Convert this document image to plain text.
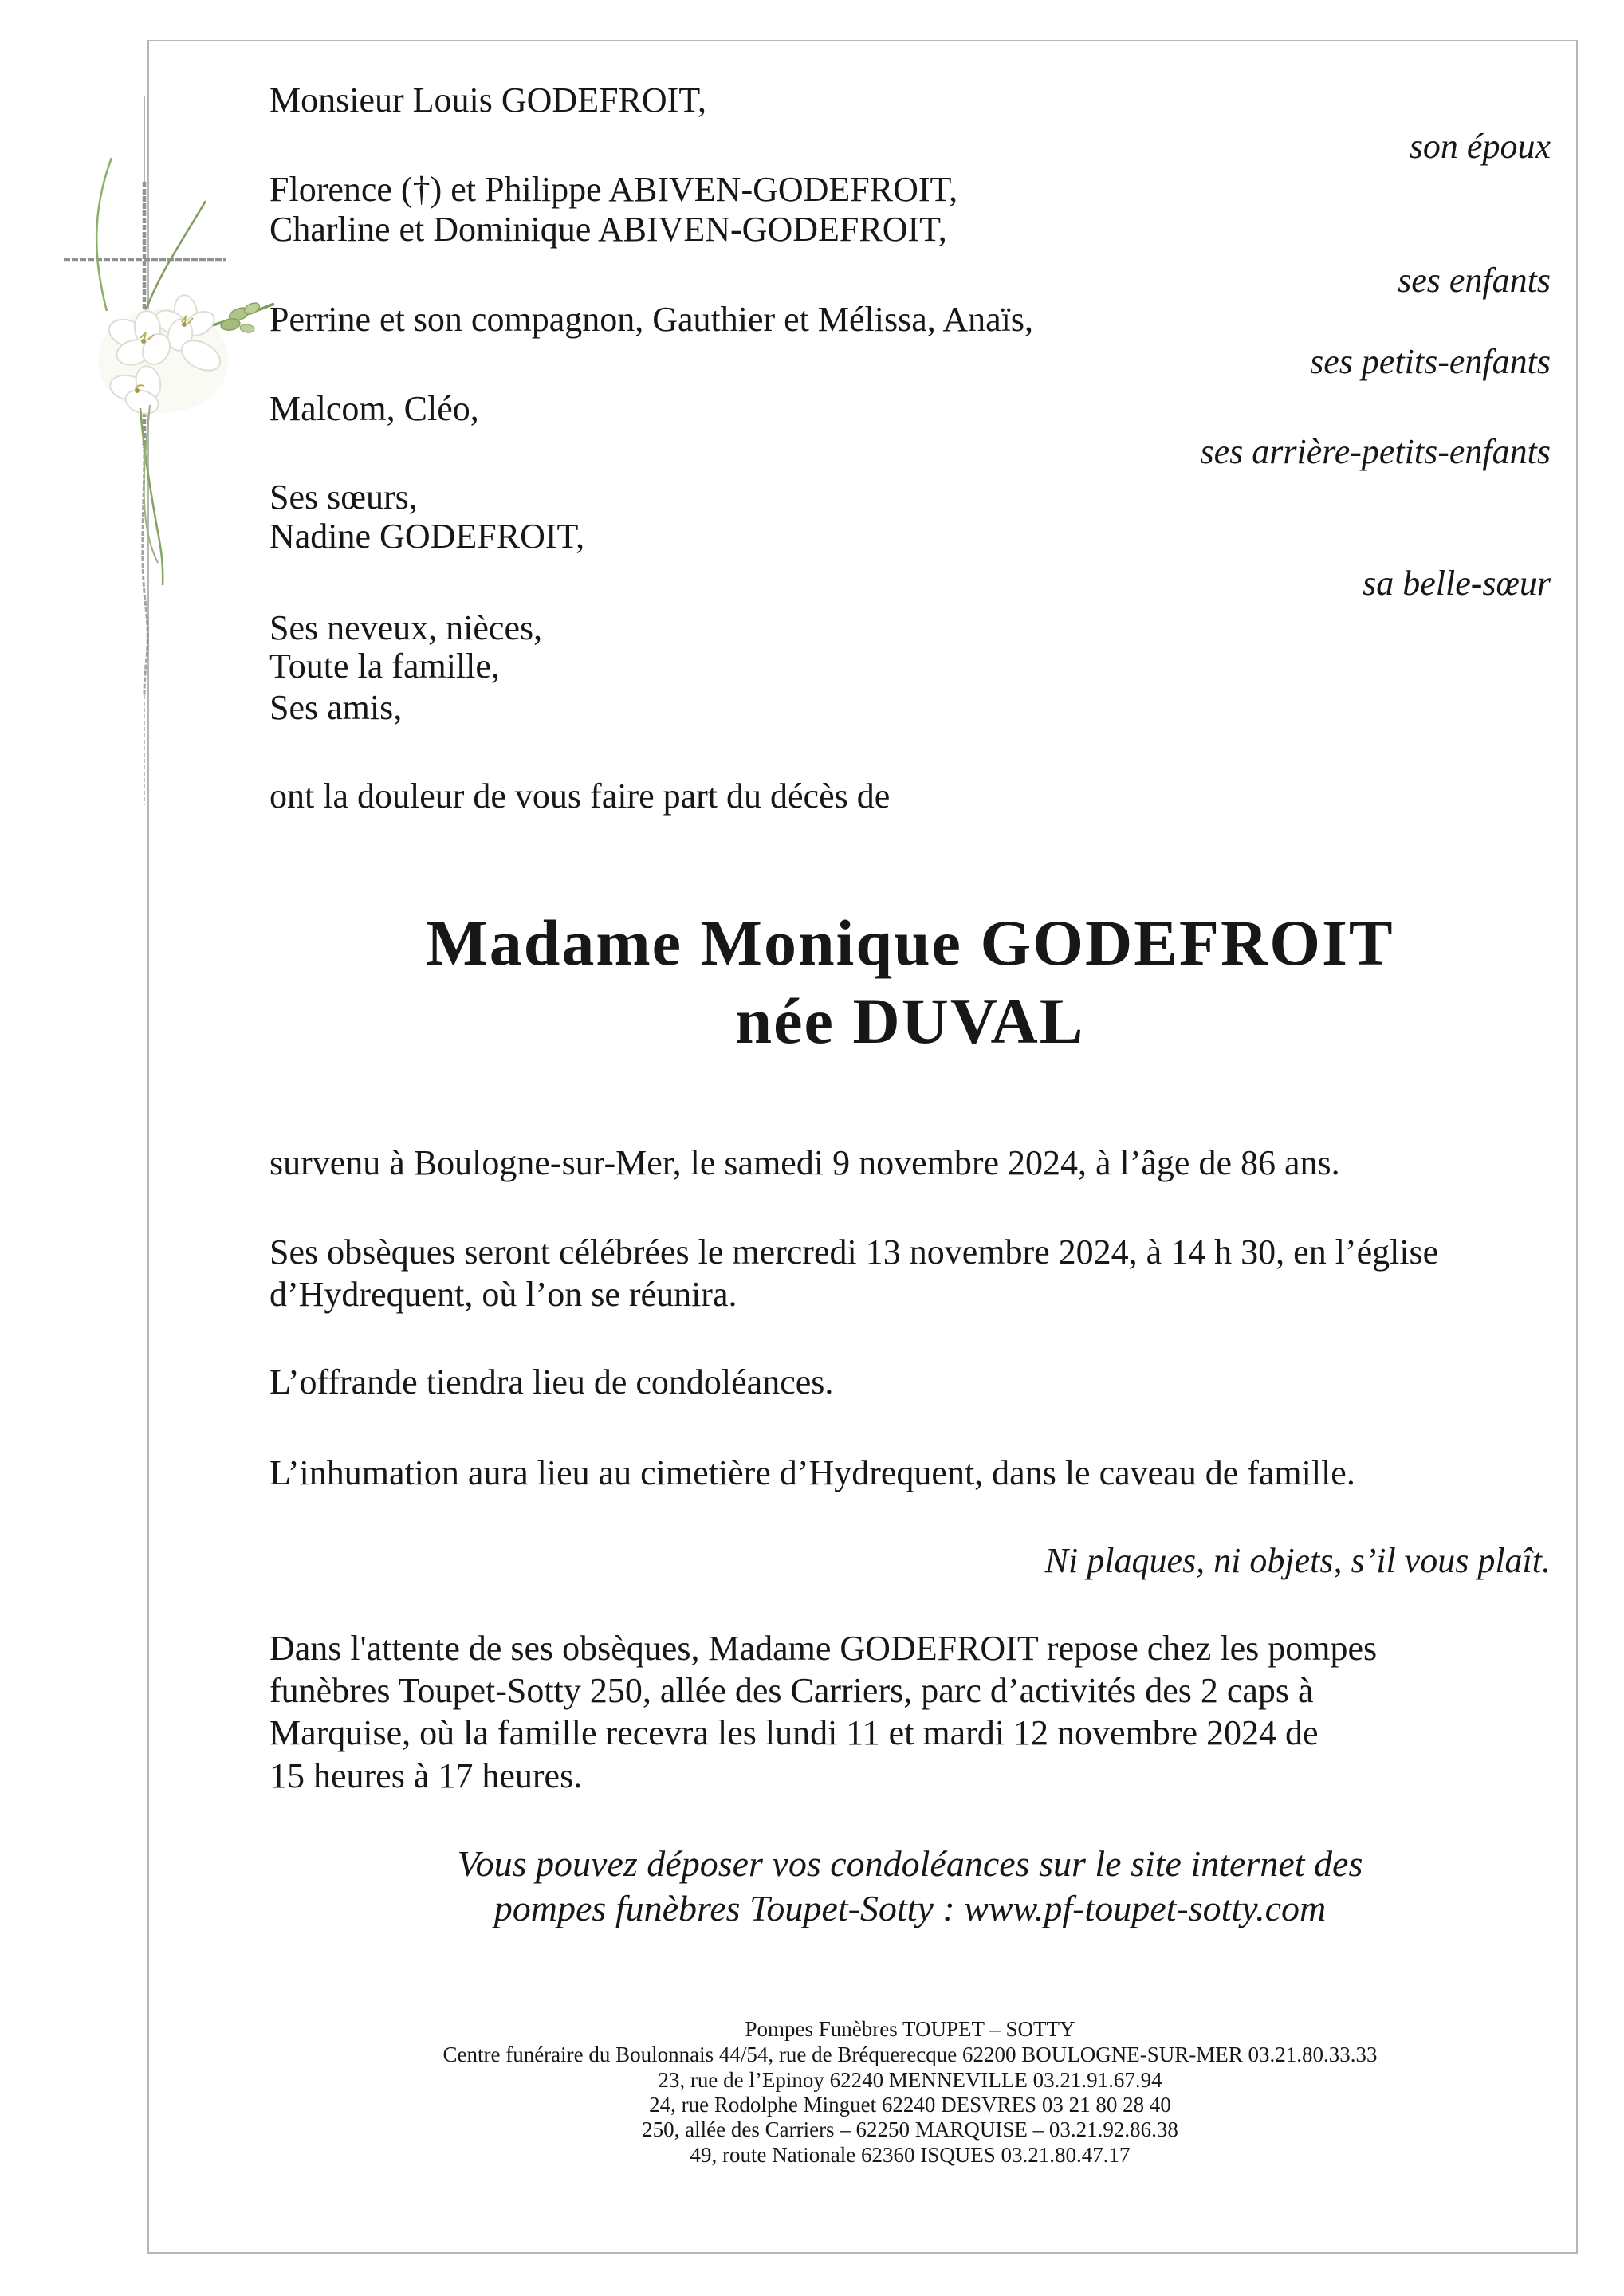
Monsieur Louis GODEFROIT,
son époux
Florence (†) et Philippe ABIVEN-GODEFROIT,
Charline et Dominique ABIVEN-GODEFROIT,
ses enfants
Perrine et son compagnon, Gauthier et Mélissa, Anaïs,
ses petits-enfants
Malcom, Cléo,
ses arrière-petits-enfants
Ses sœurs,
Nadine GODEFROIT,
sa belle-sœur
Ses neveux, nièces,
Toute la famille,
Ses amis,
ont la douleur de vous faire part du décès de
Madame Monique GODEFROIT
née DUVAL
survenu à Boulogne-sur-Mer, le samedi 9 novembre 2024, à l’âge de 86 ans.
Ses obsèques seront célébrées le mercredi 13 novembre 2024, à 14 h 30, en l’église
d’Hydrequent, où l’on se réunira.
L’offrande tiendra lieu de condoléances.
L’inhumation aura lieu au cimetière d’Hydrequent, dans le caveau de famille.
Ni plaques, ni objets, s’il vous plaît.
Dans l'attente de ses obsèques, Madame GODEFROIT repose chez les pompes
funèbres Toupet-Sotty 250, allée des Carriers, parc d’activités des 2 caps à
Marquise, où la famille recevra les lundi 11 et mardi 12 novembre 2024 de
15 heures à 17 heures.
Vous pouvez déposer vos condoléances sur le site internet des
pompes funèbres Toupet-Sotty : www.pf-toupet-sotty.com
Pompes Funèbres TOUPET – SOTTY
Centre funéraire du Boulonnais 44/54, rue de Bréquerecque 62200 BOULOGNE-SUR-MER 03.21.80.33.33
23, rue de l’Epinoy 62240 MENNEVILLE 03.21.91.67.94
24, rue Rodolphe Minguet 62240 DESVRES 03 21 80 28 40
250, allée des Carriers – 62250 MARQUISE – 03.21.92.86.38
49, route Nationale 62360 ISQUES 03.21.80.47.17
